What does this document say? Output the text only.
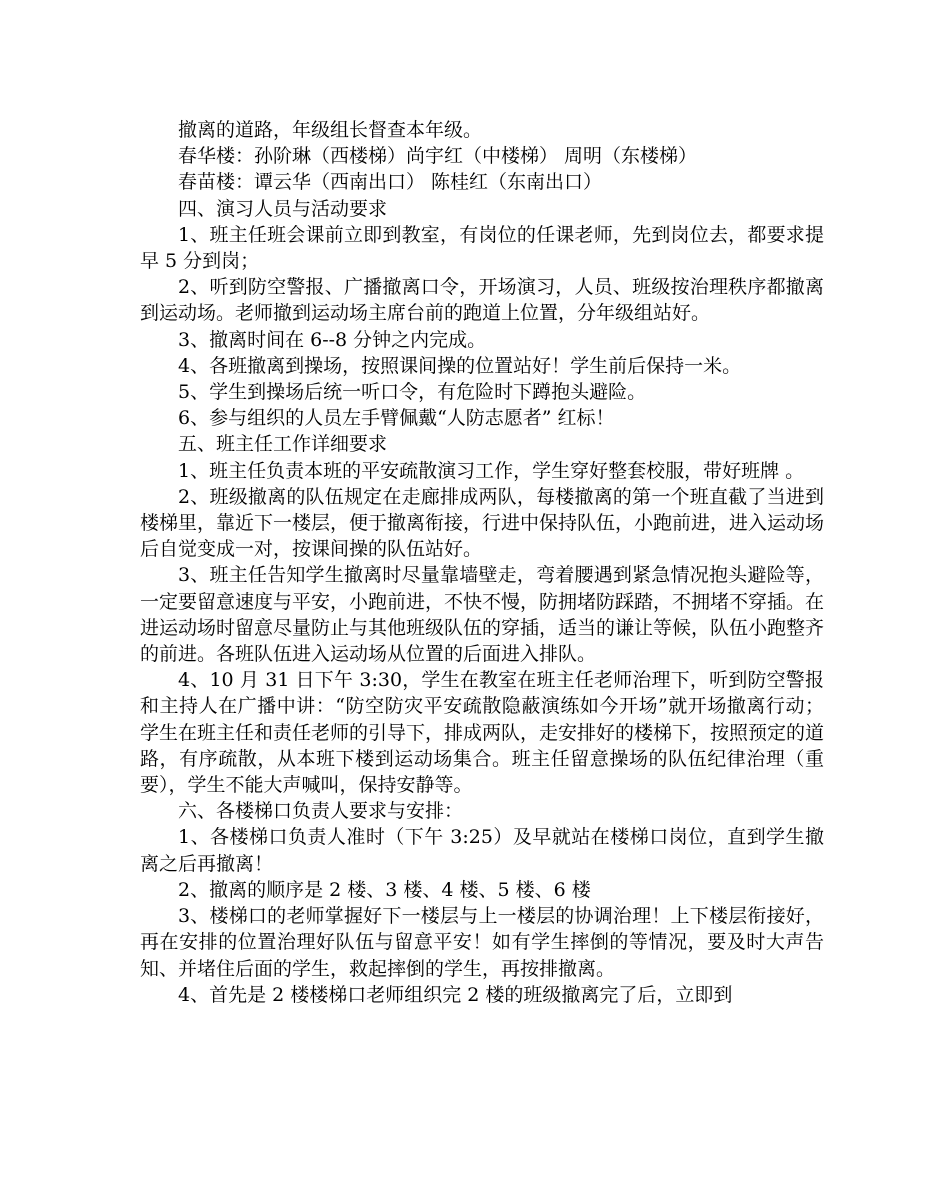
撤离的道路，年级组长督查本年级。

春华楼：孙阶琳（西楼梯）尚宇红（中楼梯） 周明（东楼梯）

春苗楼：谭云华（西南出口） 陈桂红（东南出口）

四、演习人员与活动要求

1、班主任班会课前立即到教室，有岗位的任课老师，先到岗位去，都要求提早 5 分到岗；

2、听到防空警报、广播撤离口令，开场演习，人员、班级按治理秩序都撤离到运动场。老师撤到运动场主席台前的跑道上位置，分年级组站好。

3、撤离时间在 6--8 分钟之内完成。

4、各班撤离到操场，按照课间操的位置站好！学生前后保持一米。

5、学生到操场后统一听口令，有危险时下蹲抱头避险。

6、参与组织的人员左手臂佩戴“人防志愿者” 红标！

五、班主任工作详细要求

1、班主任负责本班的平安疏散演习工作，学生穿好整套校服，带好班牌 。

2、班级撤离的队伍规定在走廊排成两队，每楼撤离的第一个班直截了当进到楼梯里，靠近下一楼层，便于撤离衔接，行进中保持队伍，小跑前进，进入运动场后自觉变成一对，按课间操的队伍站好。

3、班主任告知学生撤离时尽量靠墙壁走，弯着腰遇到紧急情况抱头避险等，一定要留意速度与平安，小跑前进，不快不慢，防拥堵防踩踏，不拥堵不穿插。在进运动场时留意尽量防止与其他班级队伍的穿插，适当的谦让等候，队伍小跑整齐的前进。各班队伍进入运动场从位置的后面进入排队。

4、10 月 31 日下午 3:30，学生在教室在班主任老师治理下，听到防空警报和主持人在广播中讲：“防空防灾平安疏散隐蔽演练如今开场”就开场撤离行动；学生在班主任和责任老师的引导下，排成两队，走安排好的楼梯下，按照预定的道路，有序疏散，从本班下楼到运动场集合。班主任留意操场的队伍纪律治理（重要），学生不能大声喊叫，保持安静等。

六、各楼梯口负责人要求与安排：

1、各楼梯口负责人准时（下午 3:25）及早就站在楼梯口岗位，直到学生撤离之后再撤离！

2、撤离的顺序是 2 楼、3 楼、4 楼、5 楼、6 楼

3、楼梯口的老师掌握好下一楼层与上一楼层的协调治理！上下楼层衔接好，再在安排的位置治理好队伍与留意平安！如有学生摔倒的等情况，要及时大声告知、并堵住后面的学生，救起摔倒的学生，再按排撤离。

4、首先是 2 楼楼梯口老师组织完 2 楼的班级撤离完了后，立即到
